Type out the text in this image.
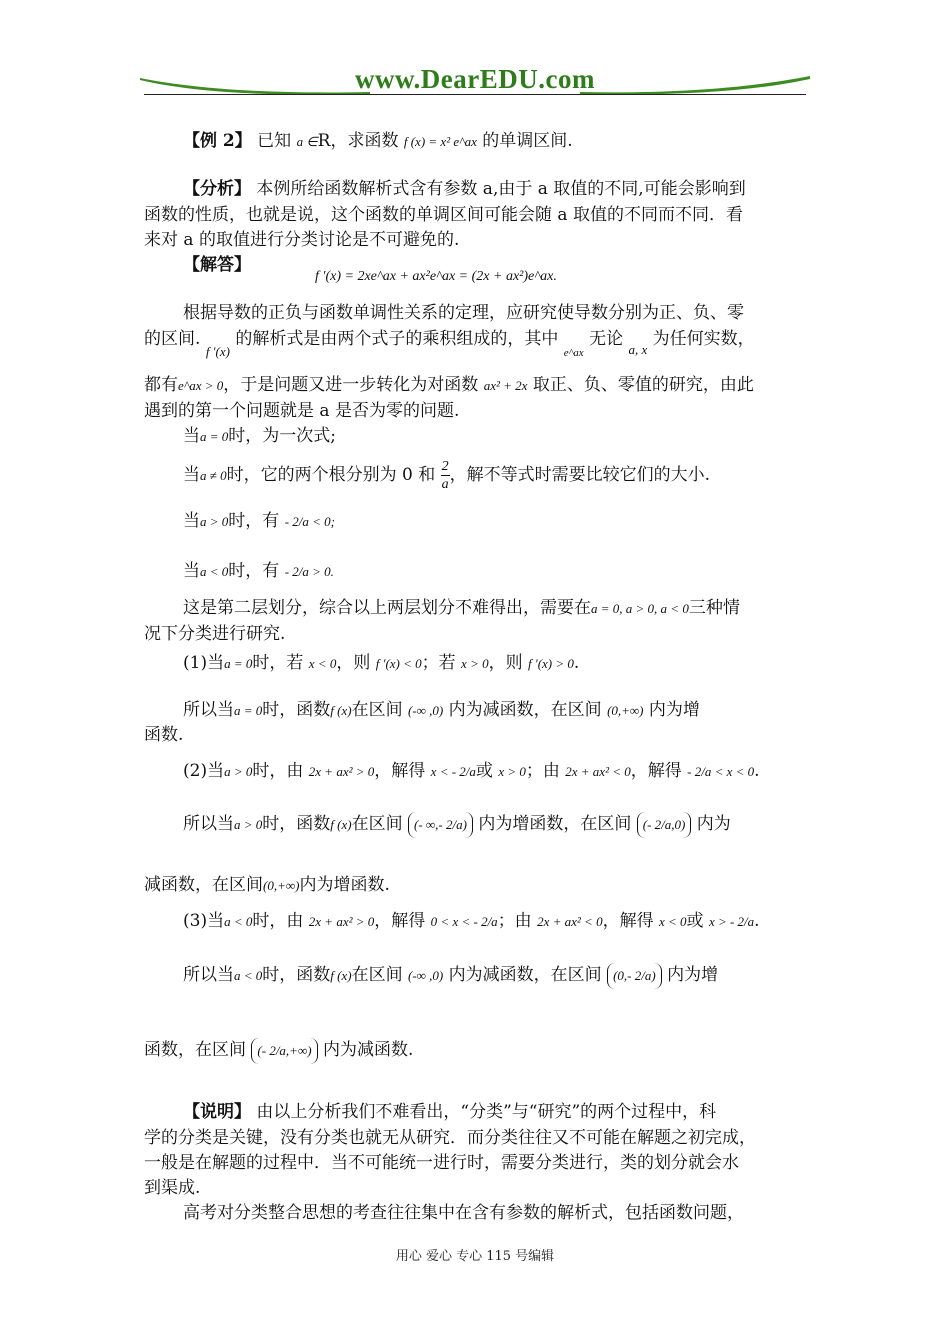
www.DearEDU.com
【例 2】 已知 a ∈R，求函数 f (x) = x² e^ax 的单调区间.
【分析】 本例所给函数解析式含有参数 a,由于 a 取值的不同,可能会影响到
函数的性质，也就是说，这个函数的单调区间可能会随 a 取值的不同而不同．看
来对 a 的取值进行分类讨论是不可避免的.
【解答】
f ′(x) = 2xe^ax + ax²e^ax = (2x + ax²)e^ax.
根据导数的正负与函数单调性关系的定理，应研究使导数分别为正、负、零
的区间. $_{f '(x)}$ 的解析式是由两个式子的乘积组成的，其中 $_{e\^{}ax}$ 无论 $_{a, x}$ 为任何实数，
都有e^ax > 0，于是问题又进一步转化为对函数 ax² + 2x 取正、负、零值的研究，由此
遇到的第一个问题就是 a 是否为零的问题.
当a = 0时，为一次式;
当a ≠ 0时，它的两个根分别为 0 和 $\frac{2}{a}$ ，解不等式时需要比较它们的大小.
当a > 0时，有 - 2/a < 0;
当a < 0时，有 - 2/a > 0.
这是第二层划分，综合以上两层划分不难得出，需要在a = 0, a > 0, a < 0三种情
况下分类进行研究.
(1)当a = 0时，若 x < 0，则 f ′(x) < 0；若 x > 0，则 f ′(x) > 0.
所以当a = 0时，函数f (x)在区间 (-∞ ,0) 内为减函数，在区间 (0,+∞) 内为增
函数.
(2)当a > 0时，由 2x + ax² > 0，解得 x < - 2/a或 x > 0；由 2x + ax² < 0，解得 - 2/a < x < 0.
所以当a > 0时，函数f (x)在区间 (- ∞,- 2/a) 内为增函数，在区间 (- 2/a,0) 内为
减函数，在区间(0,+∞)内为增函数.
(3)当a < 0时，由 2x + ax² > 0，解得 0 < x < - 2/a；由 2x + ax² < 0，解得 x < 0或 x > - 2/a.
所以当a < 0时，函数f (x)在区间 (-∞ ,0) 内为减函数，在区间 (0,- 2/a) 内为增
函数，在区间 (- 2/a,+∞) 内为减函数.
【说明】 由以上分析我们不难看出，“分类”与“研究”的两个过程中，科
学的分类是关键，没有分类也就无从研究．而分类往往又不可能在解题之初完成，
一般是在解题的过程中．当不可能统一进行时，需要分类进行，类的划分就会水
到渠成.
高考对分类整合思想的考查往往集中在含有参数的解析式，包括函数问题，
用心 爱心 专心 115 号编辑
